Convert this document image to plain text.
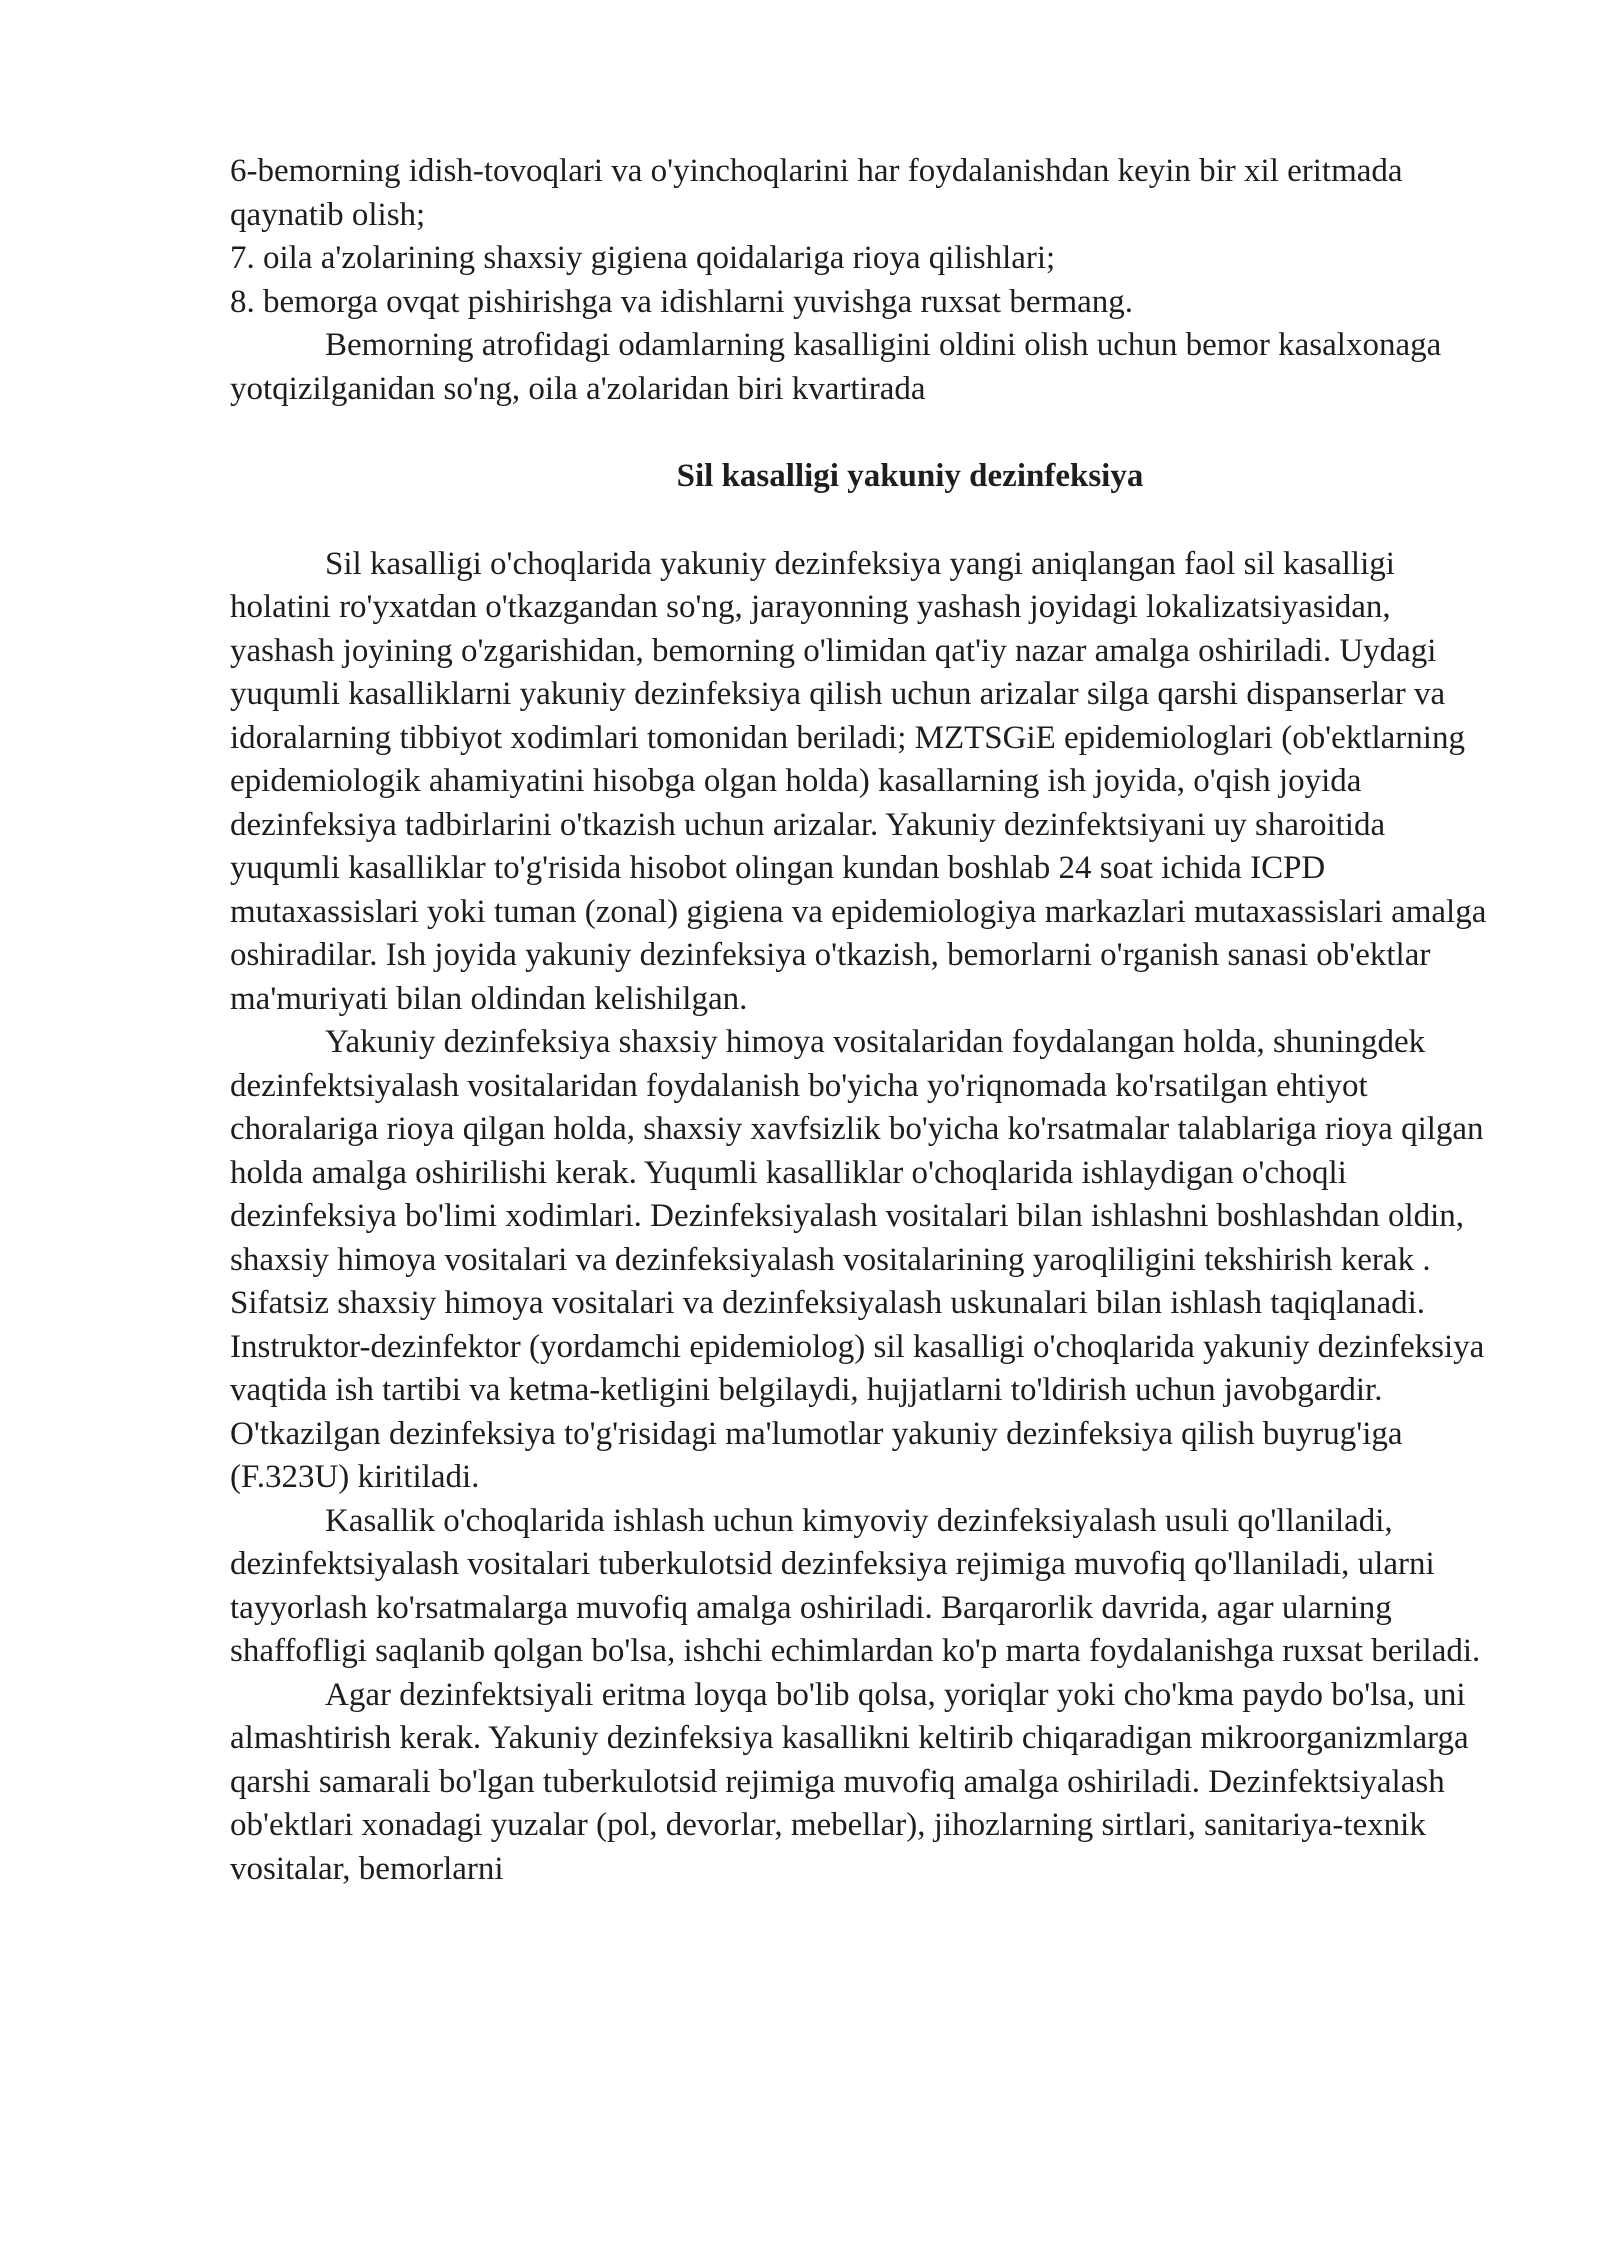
6-bemorning idish-tovoqlari va o'yinchoqlarini har foydalanishdan keyin bir xil eritmada qaynatib olish;

7. oila a'zolarining shaxsiy gigiena qoidalariga rioya qilishlari;

8. bemorga ovqat pishirishga va idishlarni yuvishga ruxsat bermang.

Bemorning atrofidagi odamlarning kasalligini oldini olish uchun bemor kasalxonaga yotqizilganidan so'ng, oila a'zolaridan biri kvartirada

Sil kasalligi yakuniy dezinfeksiya

Sil kasalligi o'choqlarida yakuniy dezinfeksiya yangi aniqlangan faol sil kasalligi holatini ro'yxatdan o'tkazgandan so'ng, jarayonning yashash joyidagi lokalizatsiyasidan, yashash joyining o'zgarishidan, bemorning o'limidan qat'iy nazar amalga oshiriladi. Uydagi yuqumli kasalliklarni yakuniy dezinfeksiya qilish uchun arizalar silga qarshi dispanserlar va idoralarning tibbiyot xodimlari tomonidan beriladi; MZTSGiE epidemiologlari (ob'ektlarning epidemiologik ahamiyatini hisobga olgan holda) kasallarning ish joyida, o'qish joyida dezinfeksiya tadbirlarini o'tkazish uchun arizalar. Yakuniy dezinfektsiyani uy sharoitida yuqumli kasalliklar to'g'risida hisobot olingan kundan boshlab 24 soat ichida ICPD mutaxassislari yoki tuman (zonal) gigiena va epidemiologiya markazlari mutaxassislari amalga oshiradilar. Ish joyida yakuniy dezinfeksiya o'tkazish, bemorlarni o'rganish sanasi ob'ektlar ma'muriyati bilan oldindan kelishilgan.

Yakuniy dezinfeksiya shaxsiy himoya vositalaridan foydalangan holda, shuningdek dezinfektsiyalash vositalaridan foydalanish bo'yicha yo'riqnomada ko'rsatilgan ehtiyot choralariga rioya qilgan holda, shaxsiy xavfsizlik bo'yicha ko'rsatmalar talablariga rioya qilgan holda amalga oshirilishi kerak. Yuqumli kasalliklar o'choqlarida ishlaydigan o'choqli dezinfeksiya bo'limi xodimlari. Dezinfeksiyalash vositalari bilan ishlashni boshlashdan oldin, shaxsiy himoya vositalari va dezinfeksiyalash vositalarining yaroqliligini tekshirish kerak . Sifatsiz shaxsiy himoya vositalari va dezinfeksiyalash uskunalari bilan ishlash taqiqlanadi. Instruktor-dezinfektor (yordamchi epidemiolog) sil kasalligi o'choqlarida yakuniy dezinfeksiya vaqtida ish tartibi va ketma-ketligini belgilaydi, hujjatlarni to'ldirish uchun javobgardir. O'tkazilgan dezinfeksiya to'g'risidagi ma'lumotlar yakuniy dezinfeksiya qilish buyrug'iga (F.323U) kiritiladi.

Kasallik o'choqlarida ishlash uchun kimyoviy dezinfeksiyalash usuli qo'llaniladi, dezinfektsiyalash vositalari tuberkulotsid dezinfeksiya rejimiga muvofiq qo'llaniladi, ularni tayyorlash ko'rsatmalarga muvofiq amalga oshiriladi. Barqarorlik davrida, agar ularning shaffofligi saqlanib qolgan bo'lsa, ishchi echimlardan ko'p marta foydalanishga ruxsat beriladi.

Agar dezinfektsiyali eritma loyqa bo'lib qolsa, yoriqlar yoki cho'kma paydo bo'lsa, uni almashtirish kerak. Yakuniy dezinfeksiya kasallikni keltirib chiqaradigan mikroorganizmlarga qarshi samarali bo'lgan tuberkulotsid rejimiga muvofiq amalga oshiriladi. Dezinfektsiyalash ob'ektlari xonadagi yuzalar (pol, devorlar, mebellar), jihozlarning sirtlari, sanitariya-texnik vositalar, bemorlarni
